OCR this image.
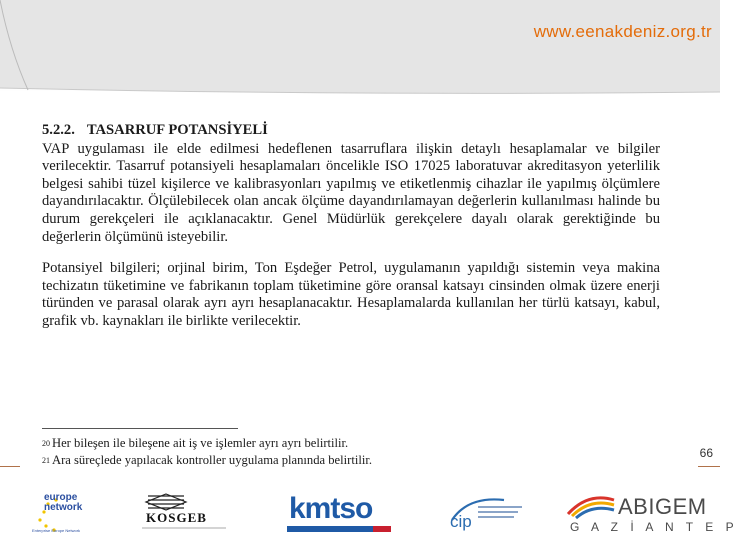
www.eenakdeniz.org.tr
5.2.2. TASARRUF POTANSİYELİ

VAP uygulaması ile elde edilmesi hedeflenen tasarruflara ilişkin detaylı hesaplamalar ve bilgiler verilecektir. Tasarruf potansiyeli hesaplamaları öncelikle ISO 17025 laboratuvar akreditasyon yeterlilik belgesi sahibi tüzel kişilerce ve kalibrasyonları yapılmış ve etiketlenmiş cihazlar ile yapılmış ölçümlere dayandırılacaktır. Ölçülebilecek olan ancak ölçüme dayandırılamayan değerlerin kullanılması halinde bu durum gerekçeleri ile açıklanacaktır. Genel Müdürlük gerekçelere dayalı olarak gerektiğinde bu değerlerin ölçümünü isteyebilir.

Potansiyel bilgileri; orjinal birim, Ton Eşdeğer Petrol, uygulamanın yapıldığı sistemin veya makina techizatın tüketimine ve fabrikanın toplam tüketimine göre oransal katsayı cinsinden olmak üzere enerji türünden ve parasal olarak ayrı ayrı hesaplanacaktır. Hesaplamalarda kullanılan her türlü katsayı, kabul, grafik vb. kaynakları ile birlikte verilecektir.

$^{20}$ Her bileşen ile bileşene ait iş ve işlemler ayrı ayrı belirtilir.
$^{21}$ Ara süreçlede yapılacak kontroller uygulama planında belirtilir.	66
europe
network
Enterprise Europe Network
KOSGEB	kmtso	cip
ABIGEM
G A Z İ A N T E P
